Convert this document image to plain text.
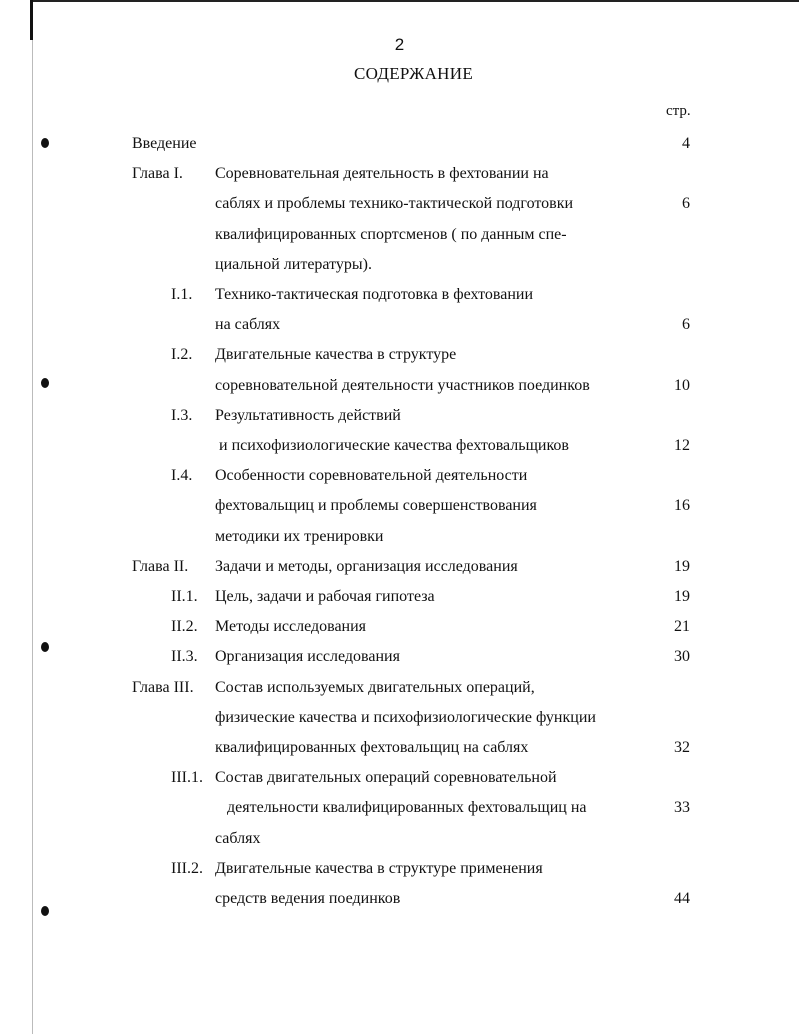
2
СОДЕРЖАНИЕ
стр.
Введение	4
Глава I. Соревновательная деятельность в фехтовании на
саблях и проблемы технико-тактической подготовки	6
квалифицированных спортсменов ( по данным спе-
циальной литературы).
I.1. Технико-тактическая подготовка в фехтовании
на саблях	6
I.2. Двигательные качества в структуре
соревновательной деятельности участников поединков	10
I.3. Результативность действий
и психофизиологические качества фехтовальщиков	12
I.4. Особенности соревновательной деятельности
фехтовальщиц и проблемы совершенствования	16
методики их тренировки
Глава II. Задачи и методы, организация исследования	19
II.1. Цель, задачи и рабочая гипотеза	19
II.2. Методы исследования	21
II.3. Организация исследования	30
Глава III. Состав используемых двигательных операций,
физические качества и психофизиологические функции
квалифицированных фехтовальщиц на саблях	32
III.1. Состав двигательных операций соревновательной
деятельности квалифицированных фехтовальщиц на	33
саблях
III.2. Двигательные качества в структуре применения
средств ведения поединков	44
